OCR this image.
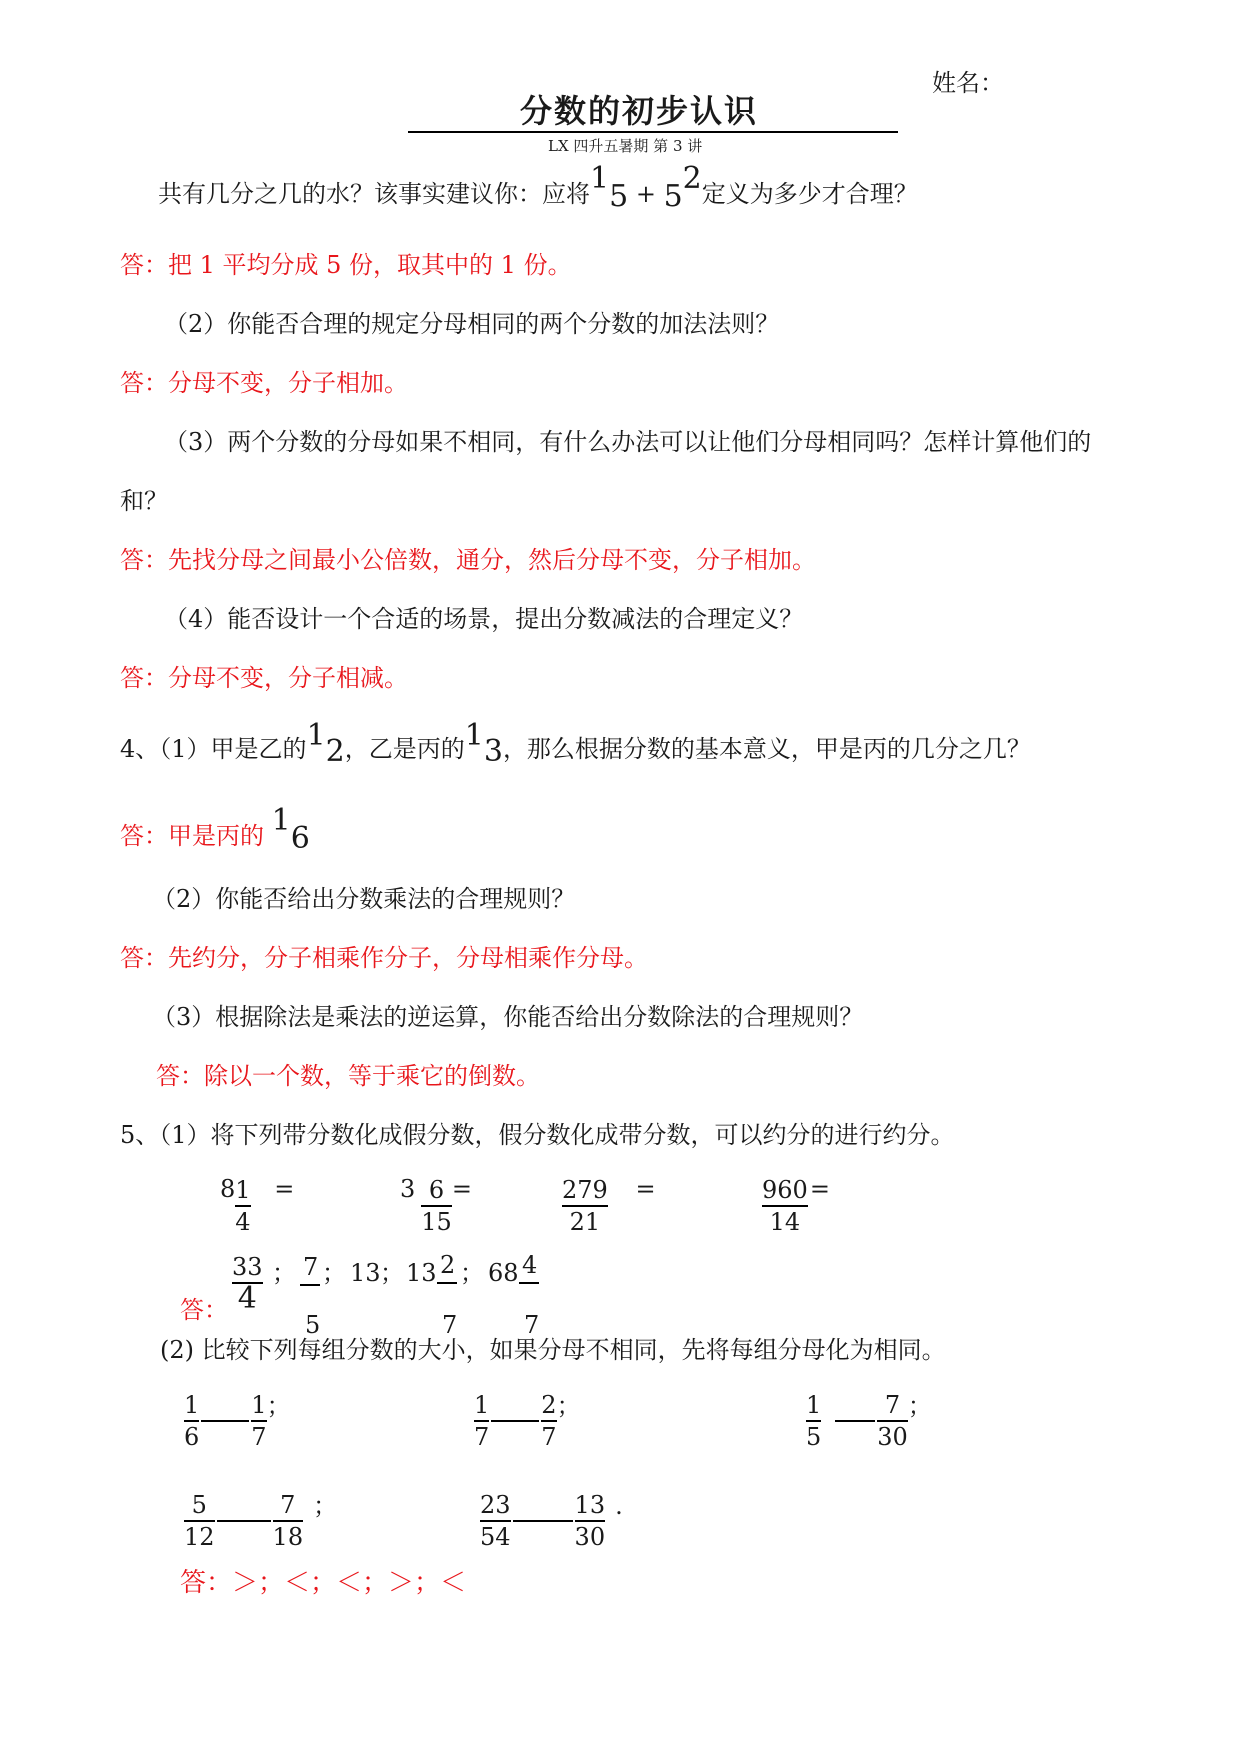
姓名：
分数的初步认识
LX 四升五暑期 第 3 讲
共有几分之几的水？该事实建议你：应将15 + 52定义为多少才合理？
答：把 1 平均分成 5 份，取其中的 1 份。
（2）你能否合理的规定分母相同的两个分数的加法法则？
答：分母不变，分子相加。
（3）两个分数的分母如果不相同，有什么办法可以让他们分母相同吗？怎样计算他们的
和？
答：先找分母之间最小公倍数，通分，然后分母不变，分子相加。
（4）能否设计一个合适的场景，提出分数减法的合理定义？
答：分母不变，分子相减。
4、（1）甲是乙的12，乙是丙的13，那么根据分数的基本意义，甲是丙的几分之几？
答：甲是丙的 16
（2）你能否给出分数乘法的合理规则？
答：先约分，分子相乘作分子，分母相乘作分母。
（3）根据除法是乘法的逆运算，你能否给出分数除法的合理规则？
答：除以一个数，等于乘它的倒数。
5、（1）将下列带分数化成假分数，假分数化成带分数，可以约分的进行约分。
$8 \frac{1}{4}$ =	$3 \frac{6}{15}$ =	$\frac{279}{21}$ =	$\frac{960}{14}$ =
答：
33
4
； 7
5
； 13 ； 13 2
7
； 68 4
7
(2) 比较下列每组分数的大小，如果分母不相同，先将每组分母化为相同。
$\frac{1}{6} \frac{1}{7}$ ；	$\frac{1}{7} \frac{2}{7}$ ；	$\frac{1}{5} \frac{7}{30}$ ；
$\frac{5}{12} \frac{7}{18}$ ；	$\frac{23}{54}$	$\frac{13}{30}$ .
答：＞；＜；＜；＞；＜
